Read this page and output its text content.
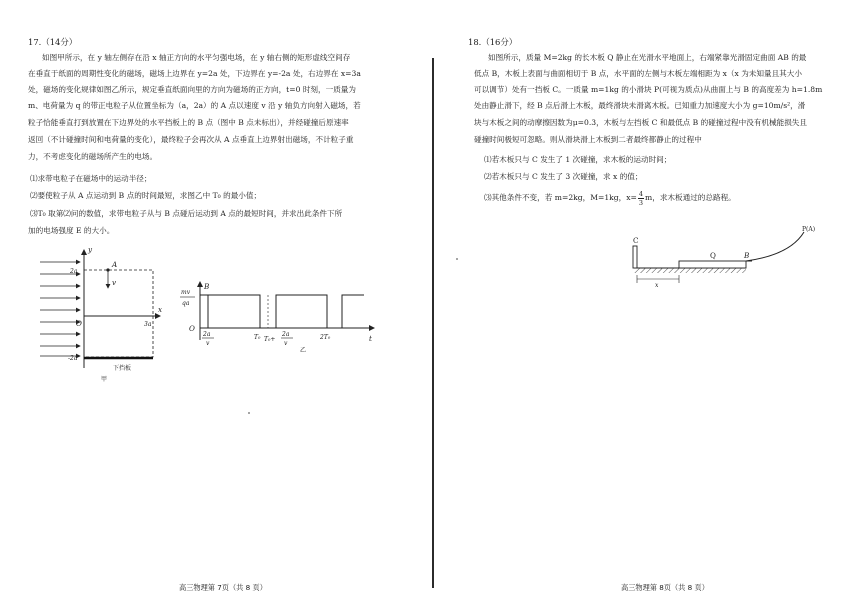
17.（14分）
如图甲所示，在 y 轴左侧存在沿 x 轴正方向的水平匀强电场，在 y 轴右侧的矩形虚线空间存
在垂直于纸面的周期性变化的磁场，磁场上边界在 y=2a 处，下边界在 y=-2a 处，右边界在 x=3a
处，磁场的变化规律如图乙所示，规定垂直纸面向里的方向为磁场的正方向，t=0 时刻，一质量为
m、电荷量为 q 的带正电粒子从位置坐标为（a，2a）的 A 点以速度 v 沿 y 轴负方向射入磁场，若
粒子恰能垂直打到放置在下边界处的水平挡板上的 B 点（图中 B 点未标出），并经碰撞后原速率
返回（不计碰撞时间和电荷量的变化），最终粒子会再次从 A 点垂直上边界射出磁场，不计粒子重
力，不考虑变化的磁场所产生的电场。
⑴求带电粒子在磁场中的运动半径；
⑵要使粒子从 A 点运动到 B 点的时间最短，求图乙中 T₀ 的最小值；
⑶T₀ 取第⑵问的数值，求带电粒子从与 B 点碰后运动到 A 点的最短时间，并求出此条件下所
加的电场强度 E 的大小。
A
v
y
x
2a
-2a
3a
O
下挡板
甲
B
mv
qa
O
t
2a
v
T₀ T₀+
2a
v
2T₀
乙
高三物理第 7页（共 8 页）
18.（16分）
如图所示，质量 M=2kg 的长木板 Q 静止在光滑水平地面上，右端紧靠光滑固定曲面 AB 的最
低点 B，木板上表面与曲面相切于 B 点，水平面的左侧与木板左端相距为 x（x 为未知量且其大小
可以调节）处有一挡板 C。一质量 m=1kg 的小滑块 P(可视为质点)从曲面上与 B 的高度差为 h=1.8m
处由静止滑下，经 B 点后滑上木板，最终滑块未滑离木板。已知重力加速度大小为 g=10m/s²，滑
块与木板之间的动摩擦因数为μ=0.3，木板与左挡板 C 和最低点 B 的碰撞过程中没有机械能损失且
碰撞时间极短可忽略。则从滑块滑上木板到二者最终都静止的过程中
⑴若木板只与 C 发生了 1 次碰撞，求木板的运动时间；
⑵若木板只与 C 发生了 3 次碰撞，求 x 的值；
⑶其他条件不变，若 m=2kg，M=1kg，$x= \frac{4}{3}$ m，求木板通过的总路程。
C
Q	B
P(A)
x
高三物理第 8页（共 8 页）
